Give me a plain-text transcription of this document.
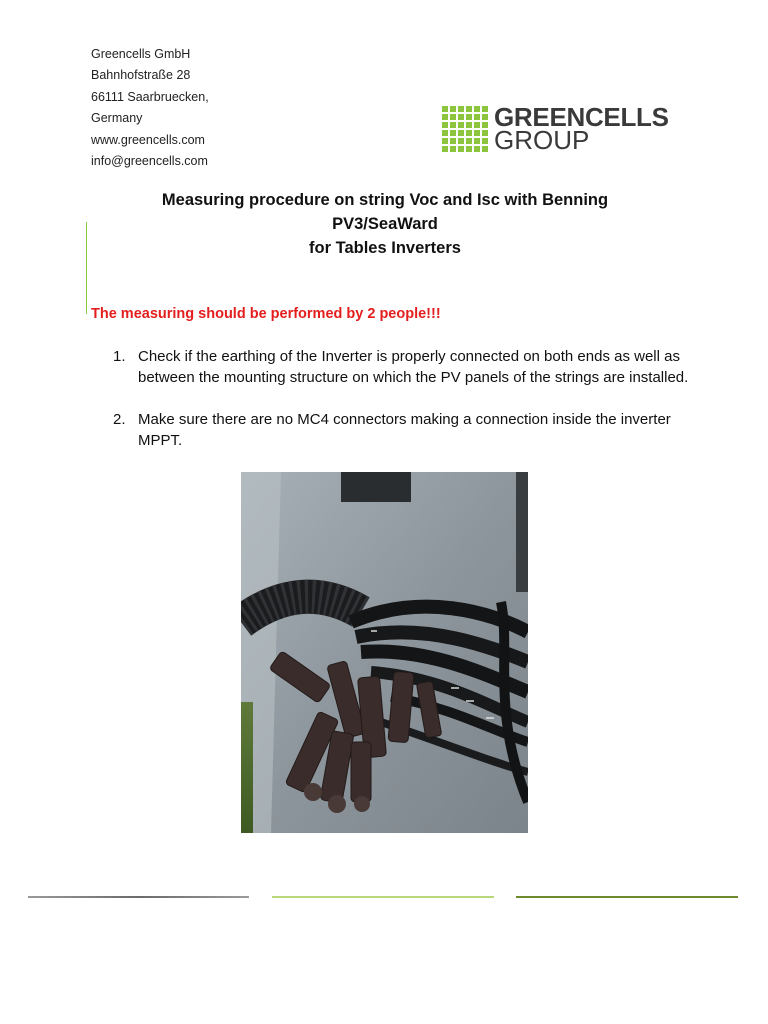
Greencells GmbH
Bahnhofstraße 28
66111 Saarbruecken,
Germany
www.greencells.com
info@greencells.com
GREENCELLS
GROUP
Measuring procedure on string Voc and Isc with Benning
PV3/SeaWard
for Tables Inverters
The measuring should be performed by 2 people!!!
1. Check if the earthing of the Inverter is properly connected on both ends as well as between the mounting structure on which the PV panels of the strings are installed.
2. Make sure there are no MC4 connectors making a connection inside the inverter MPPT.
